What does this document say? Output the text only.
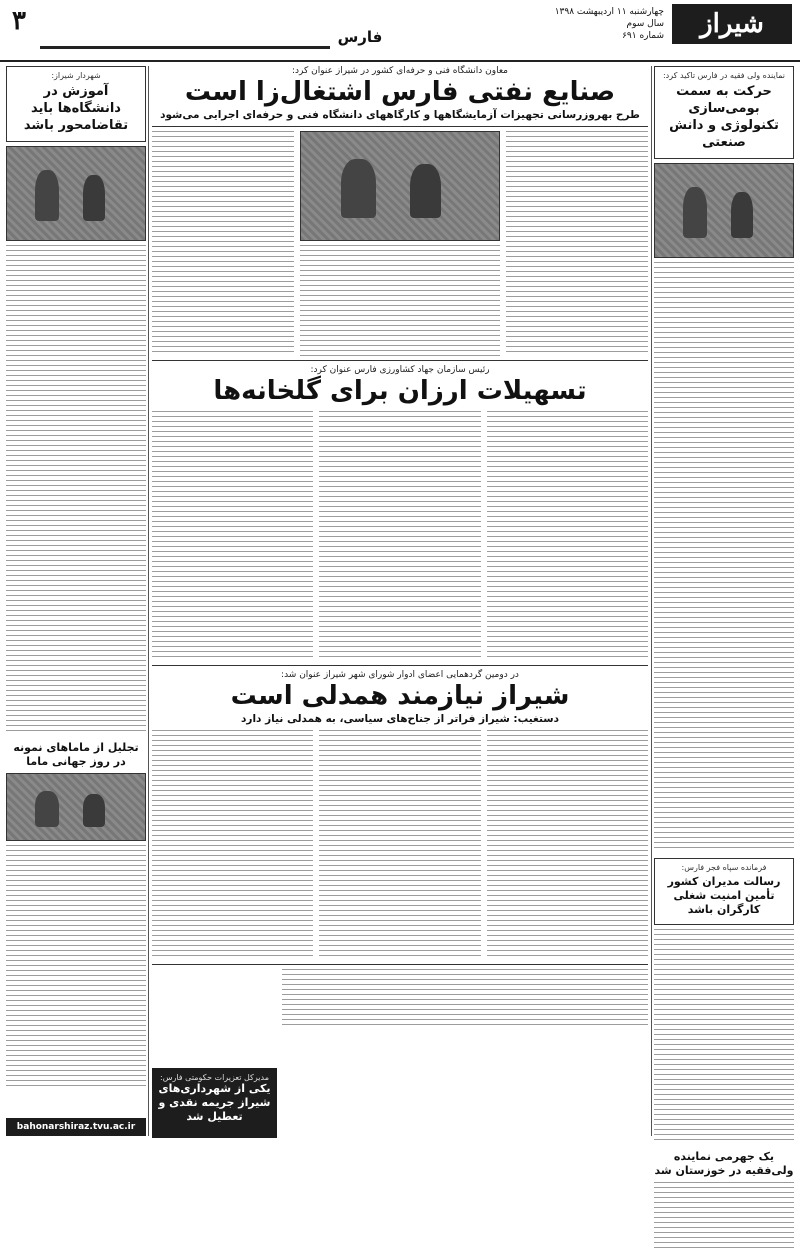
شیراز
چهارشنبه ۱۱ اردیبهشت ۱۳۹۸
سال سوم
شماره ۶۹۱
فارس
۳
نماینده ولی فقیه در فارس تاکید کرد:
حرکت به سمت بومی‌سازی تکنولوژی و دانش صنعتی
فرمانده سپاه فجر فارس:
رسالت مدیران کشور تأمین امنیت شغلی کارگران باشد
یک جهرمی نماینده ولی‌فقیه در خوزستان شد
شهردار شیراز:
آموزش در دانشگاه‌ها باید تقاضامحور باشد
تجلیل از ماماهای نمونه در روز جهانی ماما
bahonarshiraz.tvu.ac.ir
معاون دانشگاه فنی و حرفه‌ای کشور در شیراز عنوان کرد:
صنایع نفتی فارس اشتغال‌زا است
طرح بهروزرسانی تجهیزات آزمایشگاهها و کارگاههای دانشگاه فنی و حرفه‌ای اجرایی می‌شود
رئیس سازمان جهاد کشاورزی فارس عنوان کرد:
تسهیلات ارزان برای گلخانه‌ها
در دومین گردهمایی اعضای ادوار شورای شهر شیراز عنوان شد:
شیراز نیازمند همدلی است
دستغیب: شیراز فراتر از جناح‌های سیاسی، به همدلی نیاز دارد
مدیرکل تعزیرات حکومتی فارس:
یکی از شهرداری‌های شیراز جریمه نقدی و تعطیل شد
